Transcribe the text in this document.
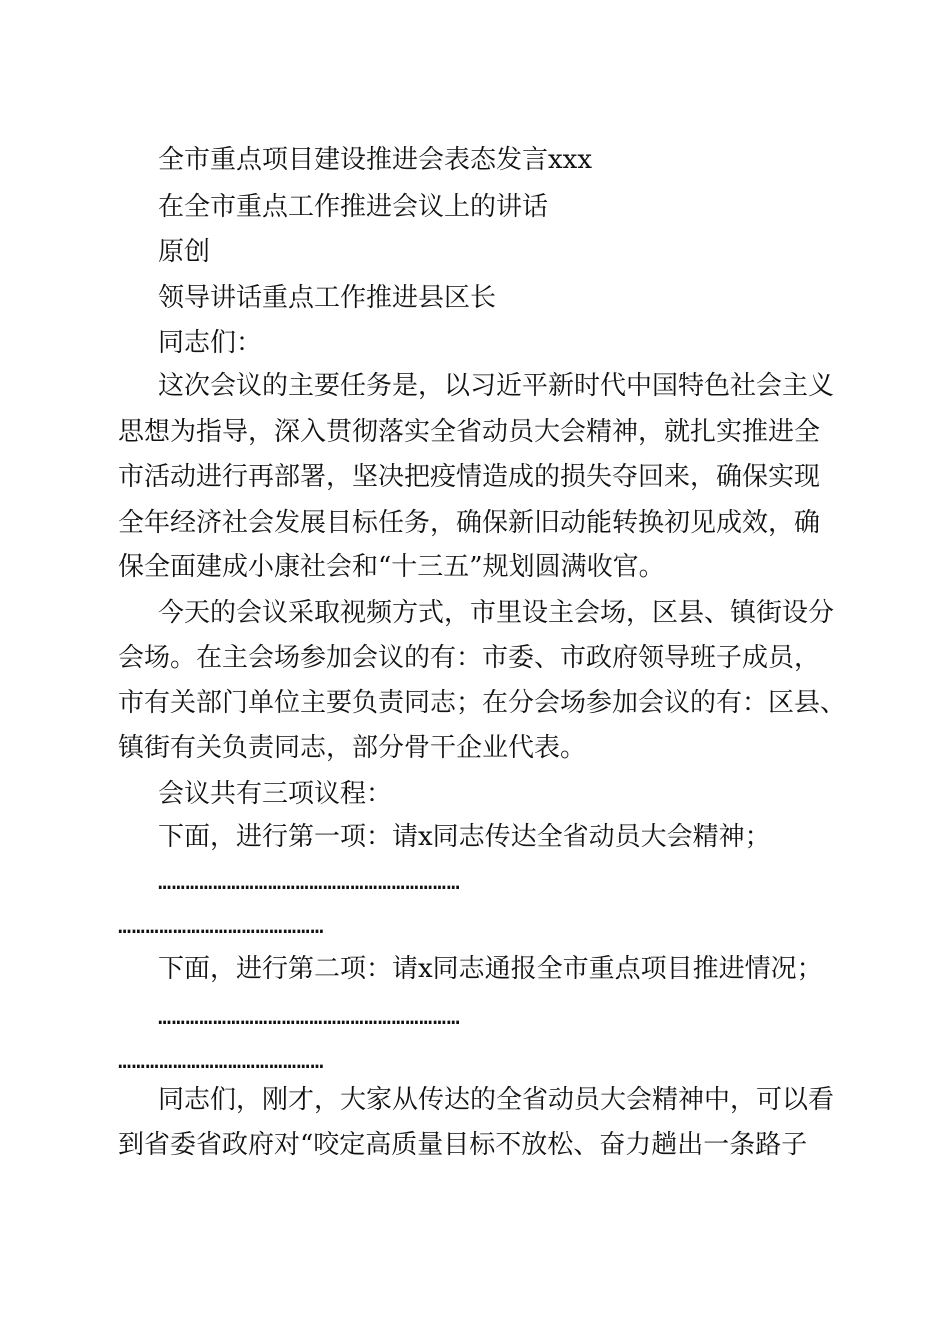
全市重点项目建设推进会表态发言xxx
在全市重点工作推进会议上的讲话
原创
领导讲话重点工作推进县区长
同志们：
这次会议的主要任务是，以习近平新时代中国特色社会主义
思想为指导，深入贯彻落实全省动员大会精神，就扎实推进全
市活动进行再部署，坚决把疫情造成的损失夺回来，确保实现
全年经济社会发展目标任务，确保新旧动能转换初见成效，确
保全面建成小康社会和“十三五”规划圆满收官。
今天的会议采取视频方式，市里设主会场，区县、镇街设分
会场。在主会场参加会议的有：市委、市政府领导班子成员，
市有关部门单位主要负责同志；在分会场参加会议的有：区县、
镇街有关负责同志，部分骨干企业代表。
会议共有三项议程：
下面，进行第一项：请x同志传达全省动员大会精神；
…………………………………………………………
………………………………………
下面，进行第二项：请x同志通报全市重点项目推进情况；
…………………………………………………………
………………………………………
同志们，刚才，大家从传达的全省动员大会精神中，可以看
到省委省政府对“咬定高质量目标不放松、奋力趟出一条路子
